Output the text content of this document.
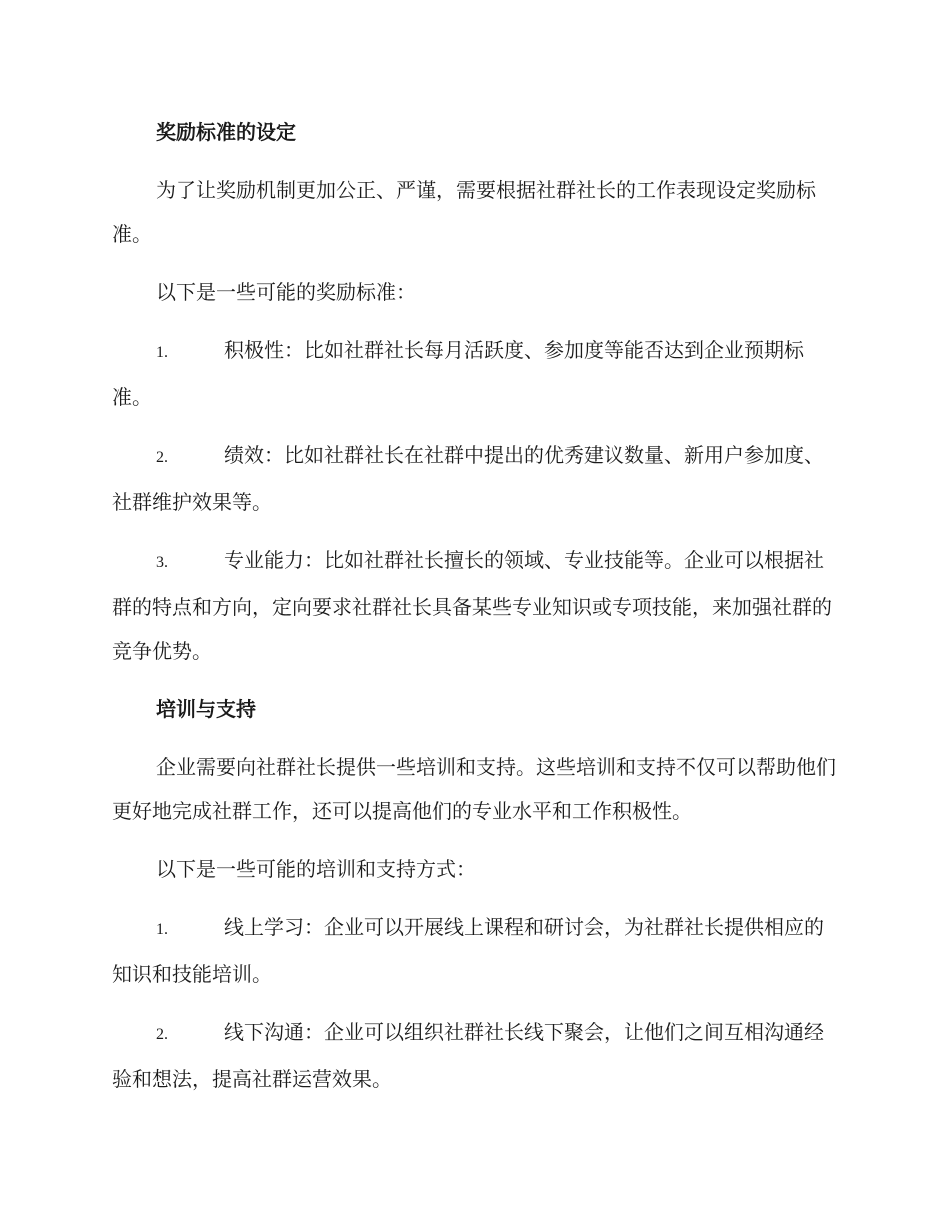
奖励标准的设定
为了让奖励机制更加公正、严谨，需要根据社群社长的工作表现设定奖励标准。
以下是一些可能的奖励标准：
1.	积极性：比如社群社长每月活跃度、参加度等能否达到企业预期标准。
2.	绩效：比如社群社长在社群中提出的优秀建议数量、新用户参加度、社群维护效果等。
3.	专业能力：比如社群社长擅长的领域、专业技能等。企业可以根据社群的特点和方向，定向要求社群社长具备某些专业知识或专项技能，来加强社群的竞争优势。
培训与支持
企业需要向社群社长提供一些培训和支持。这些培训和支持不仅可以帮助他们更好地完成社群工作，还可以提高他们的专业水平和工作积极性。
以下是一些可能的培训和支持方式：
1.	线上学习：企业可以开展线上课程和研讨会，为社群社长提供相应的知识和技能培训。
2.	线下沟通：企业可以组织社群社长线下聚会，让他们之间互相沟通经验和想法，提高社群运营效果。
